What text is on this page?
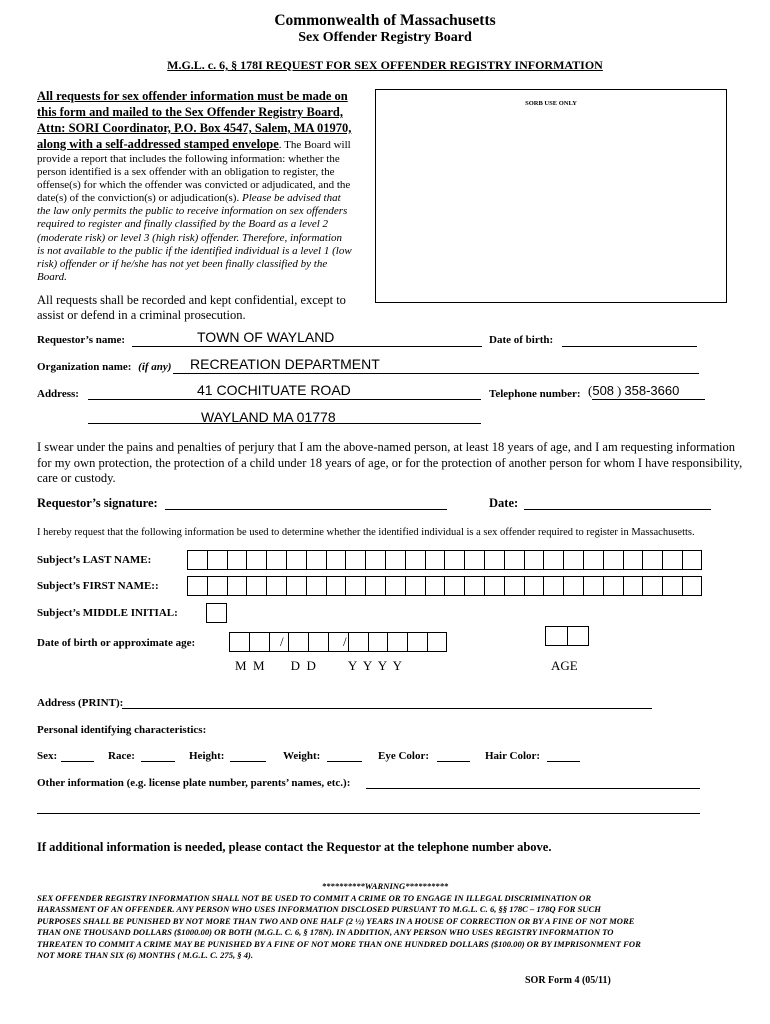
Commonwealth of Massachusetts
Sex Offender Registry Board
M.G.L. c. 6, § 178I REQUEST FOR SEX OFFENDER REGISTRY INFORMATION
All requests for sex offender information must be made on
this form and mailed to the Sex Offender Registry Board,
Attn: SORI Coordinator, P.O. Box 4547, Salem, MA 01970,
along with a self-addressed stamped envelope. The Board will
provide a report that includes the following information: whether the
person identified is a sex offender with an obligation to register, the
offense(s) for which the offender was convicted or adjudicated, and the
date(s) of the conviction(s) or adjudication(s). Please be advised that
the law only permits the public to receive information on sex offenders
required to register and finally classified by the Board as a level 2
(moderate risk) or level 3 (high risk) offender. Therefore, information
is not available to the public if the identified individual is a level 1 (low
risk) offender or if he/she has not yet been finally classified by the
Board.
All requests shall be recorded and kept confidential, except to
assist or defend in a criminal prosecution.
SORB USE ONLY
Requestor’s name:	TOWN OF WAYLAND	Date of birth:
Organization name: (if any) RECREATION DEPARTMENT
Address:	41 COCHITUATE ROAD
WAYLAND MA 01778
Telephone number: (508 ) 358-3660
I swear under the pains and penalties of perjury that I am the above-named person, at least 18 years of age, and I am requesting information for my own protection, the protection of a child under 18 years of age, or for the protection of another person for whom I have responsibility, care or custody.
Requestor’s signature:	Date:
I hereby request that the following information be used to determine whether the identified individual is a sex offender required to register in Massachusetts.
Subject’s LAST NAME:
Subject’s FIRST NAME::
Subject’s MIDDLE INITIAL:
Date of birth or approximate age:	/	/
M  M        D  D          Y  Y  Y  Y	AGE
Address (PRINT):
Personal identifying characteristics:
Sex:	Race:	Height:	Weight:	Eye Color:	Hair Color:
Other information (e.g. license plate number, parents’ names, etc.):
If additional information is needed, please contact the Requestor at the telephone number above.
**********WARNING**********
SEX OFFENDER REGISTRY INFORMATION SHALL NOT BE USED TO COMMIT A CRIME OR TO ENGAGE IN ILLEGAL DISCRIMINATION OR
HARASSMENT OF AN OFFENDER. ANY PERSON WHO USES INFORMATION DISCLOSED PURSUANT TO M.G.L. C. 6, §§ 178C – 178Q FOR SUCH
PURPOSES SHALL BE PUNISHED BY NOT MORE THAN TWO AND ONE HALF (2 ½) YEARS IN A HOUSE OF CORRECTION OR BY A FINE OF NOT MORE
THAN ONE THOUSAND DOLLARS ($1000.00) OR BOTH (M.G.L. C. 6, § 178N). IN ADDITION, ANY PERSON WHO USES REGISTRY INFORMATION TO
THREATEN TO COMMIT A CRIME MAY BE PUNISHED BY A FINE OF NOT MORE THAN ONE HUNDRED DOLLARS ($100.00) OR BY IMPRISONMENT FOR
NOT MORE THAN SIX (6) MONTHS ( M.G.L. C. 275, § 4).
SOR Form 4 (05/11)
